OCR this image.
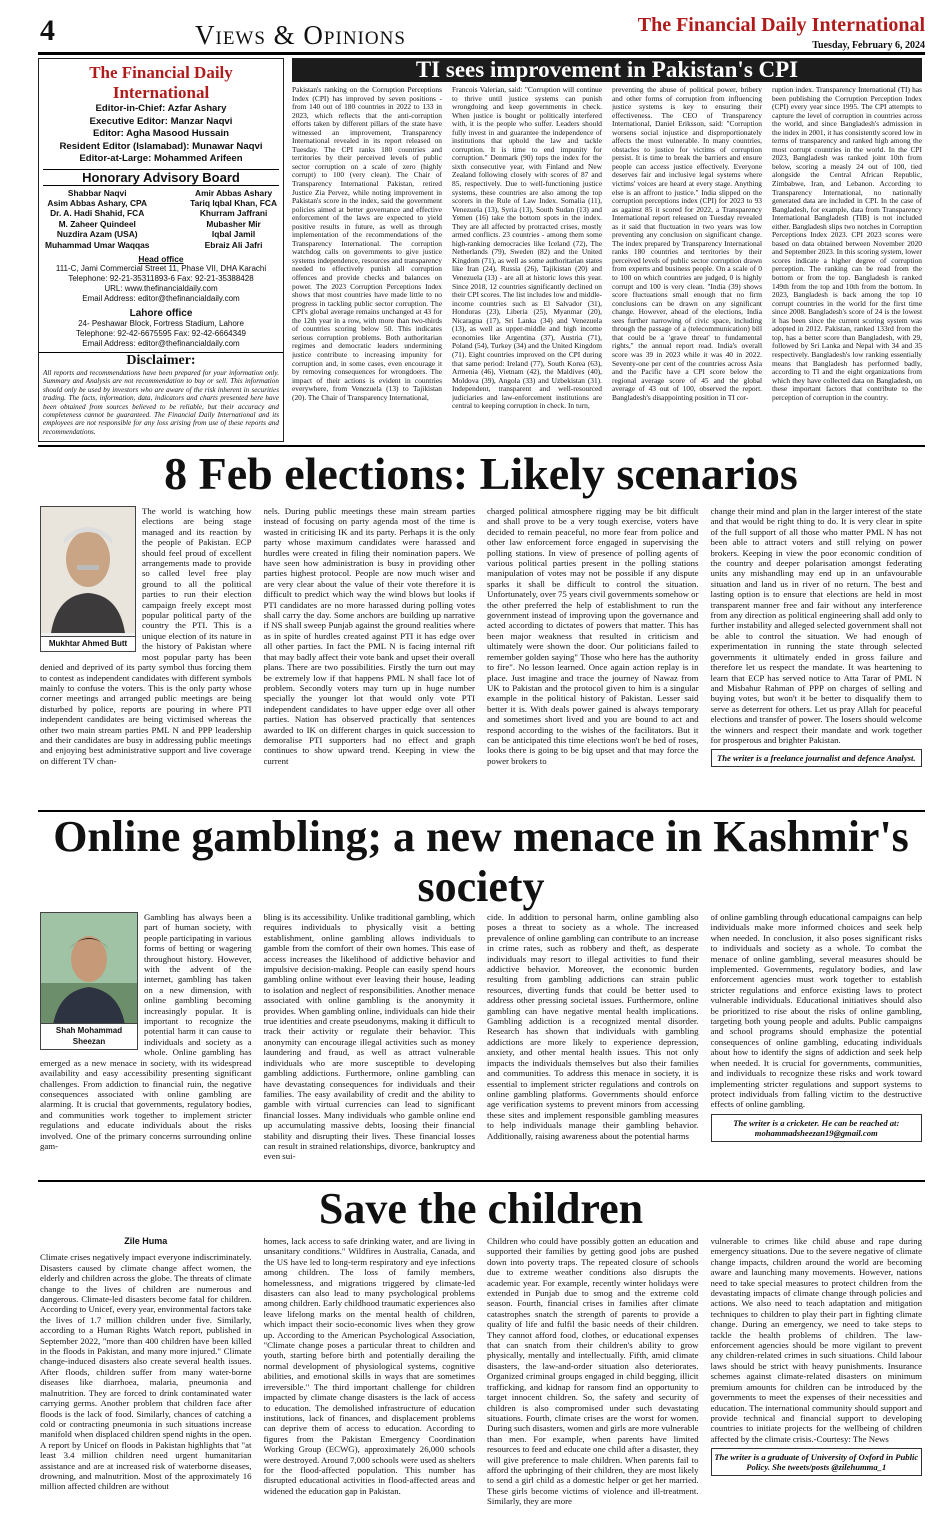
4	Views & Opinions	The Financial Daily International
Tuesday, February 6, 2024
The Financial Daily International
Editor-in-Chief: Azfar Ashary
Executive Editor: Manzar Naqvi
Editor: Agha Masood Hussain
Resident Editor (Islamabad): Munawar Naqvi
Editor-at-Large: Mohammed Arifeen
Honorary Advisory Board
Shabbar Naqvi
Asim Abbas Ashary, CPA
Dr. A. Hadi Shahid, FCA
M. Zaheer Quindeel
Nuzdira Azam (USA)
Muhammad Umar Waqqas
Amir Abbas Ashary
Tariq Iqbal Khan, FCA
Khurram Jaffrani
Mubasher Mir
Iqbal Jamil
Ebraiz Ali Jafri
Head office
111-C, Jami Commercial Street 11, Phase VII, DHA Karachi
Telephone: 92-21-35311893-6 Fax: 92-21-35388428
URL: www.thefinancialdaily.com
Email Address: editor@thefinancialdaily.com
Lahore office
24- Peshawar Block, Fortress Stadium, Lahore
Telephone: 92-42-6675595 Fax: 92-42-6664349
Email Address: editor@thefinancialdaily.com
Disclaimer:
All reports and recommendations have been prepared for your information only. Summary and Analysis are not recommendation to buy or sell. This information should only be used by investors who are aware of the risk inherent in securities trading. The facts, information, data, indicators and charts presented here have been obtained from sources believed to be reliable, but their accuracy and completeness cannot be guaranteed. The Financial Daily International and its employees are not responsible for any loss arising from use of these reports and recommendations.
TI sees improvement in Pakistan's CPI
Pakistan's ranking on the Corruption Perceptions Index (CPI) has improved by seven positions - from 140 out of 180 countries in 2022 to 133 in 2023, which reflects that the anti-corruption efforts taken by different pillars of the state have witnessed an improvement, Transparency International revealed in its report released on Tuesday. The CPI ranks 180 countries and territories by their perceived levels of public sector corruption on a scale of zero (highly corrupt) to 100 (very clean). The Chair of Transparency International Pakistan, retired Justice Zia Pervez, while noting improvement in Pakistan's score in the index, said the government policies aimed at better governance and effective enforcement of the laws are expected to yield positive results in future, as well as through implementation of the recommendations of the Transparency International. The corruption watchdog calls on governments to give justice systems independence, resources and transparency needed to effectively punish all corruption offences and provide checks and balances on power. The 2023 Corruption Perceptions Index shows that most countries have made little to no progress in tackling public sector corruption. The CPI's global average remains unchanged at 43 for the 12th year in a row, with more than two-thirds of countries scoring below 50. This indicates serious corruption problems. Both authoritarian regimes and democratic leaders undermining justice contribute to increasing impunity for corruption and, in some cases, even encourage it by removing consequences for wrongdoers. The impact of their actions is evident in countries everywhere, from Venezuela (13) to Tajikistan (20). The Chair of Transparency International,
Francois Valerian, said: "Corruption will continue to thrive until justice systems can punish wrongdoing and keep governments in check. When justice is bought or politically interfered with, it is the people who suffer. Leaders should fully invest in and guarantee the independence of institutions that uphold the law and tackle corruption. It is time to end impunity for corruption." Denmark (90) tops the index for the sixth consecutive year, with Finland and New Zealand following closely with scores of 87 and 85, respectively. Due to well-functioning justice systems, these countries are also among the top scorers in the Rule of Law Index. Somalia (11), Venezuela (13), Syria (13), South Sudan (13) and Yemen (16) take the bottom spots in the index. They are all affected by protracted crises, mostly armed conflicts. 23 countries - among them some high-ranking democracies like Iceland (72), The Netherlands (79), Sweden (82) and the United Kingdom (71), as well as some authoritarian states like Iran (24), Russia (26), Tajikistan (20) and Venezuela (13) - are all at historic lows this year. Since 2018, 12 countries significantly declined on their CPI scores. The list includes low and middle-income countries such as El Salvador (31), Honduras (23), Liberia (25), Myanmar (20), Nicaragua (17), Sri Lanka (34) and Venezuela (13), as well as upper-middle and high income economies like Argentina (37), Austria (71), Poland (54), Turkey (34) and the United Kingdom (71). Eight countries improved on the CPI during that same period: Ireland (77), South Korea (63), Armenia (46), Vietnam (42), the Maldives (40), Moldova (39), Angola (33) and Uzbekistan (31). Independent, transparent and well-resourced judiciaries and law-enforcement institutions are central to keeping corruption in check. In turn,
preventing the abuse of political power, bribery and other forms of corruption from influencing justice systems is key to ensuring their effectiveness. The CEO of Transparency International, Daniel Eriksson, said: "Corruption worsens social injustice and disproportionately affects the most vulnerable. In many countries, obstacles to justice for victims of corruption persist. It is time to break the barriers and ensure people can access justice effectively. Everyone deserves fair and inclusive legal systems where victims' voices are heard at every stage. Anything else is an affront to justice." India slipped on the corruption perceptions index (CPI) for 2023 to 93 as against 85 it scored for 2022, a Transparency International report released on Tuesday revealed as it said that fluctuation in two years was low preventing any conclusion on significant change. The index prepared by Transparency International ranks 180 countries and territories by their perceived levels of public sector corruption drawn from experts and business people. On a scale of 0 to 100 on which countries are judged, 0 is highly corrupt and 100 is very clean. "India (39) shows score fluctuations small enough that no firm conclusions can be drawn on any significant change. However, ahead of the elections, India sees further narrowing of civic space, including through the passage of a (telecommunication) bill that could be a 'grave threat' to fundamental rights," the annual report read. India's overall score was 39 in 2023 while it was 40 in 2022. Seventy-one per cent of the countries across Asia and the Pacific have a CPI score below the regional average score of 45 and the global average of 43 out of 100, observed the report. Bangladesh's disappointing position in TI cor-
ruption index. Transparency International (TI) has been publishing the Corruption Perception Index (CPI) every year since 1995. The CPI attempts to capture the level of corruption in countries across the world, and since Bangladesh's admission in the index in 2001, it has consistently scored low in terms of transparency and ranked high among the most corrupt countries in the world. In the CPI 2023, Bangladesh was ranked joint 10th from below, scoring a measly 24 out of 100, tied alongside the Central African Republic, Zimbabwe, Iran, and Lebanon. According to Transparency International, no nationally generated data are included in CPI. In the case of Bangladesh, for example, data from Transparency International Bangladesh (TIB) is not included either. Bangladesh slips two notches in Corruption Perceptions Index 2023. CPI 2023 scores were based on data obtained between November 2020 and September 2023. In this scoring system, lower scores indicate a higher degree of corruption perception. The ranking can be read from the bottom or from the top. Bangladesh is ranked 149th from the top and 10th from the bottom. In 2023, Bangladesh is back among the top 10 corrupt countries in the world for the first time since 2008. Bangladesh's score of 24 is the lowest it has been since the current scoring system was adopted in 2012. Pakistan, ranked 133rd from the top, has a better score than Bangladesh, with 29, followed by Sri Lanka and Nepal with 34 and 35 respectively. Bangladesh's low ranking essentially means that Bangladesh has performed badly, according to TI and the eight organizations from which they have collected data on Bangladesh, on these important factors that contribute to the perception of corruption in the country.
8 Feb elections: Likely scenarios
Mukhtar Ahmed Butt
The world is watching how elections are being stage managed and its reaction by the people of Pakistan. ECP should feel proud of excellent arrangements made to provide so called level free play ground to all the political parties to run their election campaign freely except most popular political party of the country the PTI. This is a unique election of its nature in the history of Pakistan where most popular party has been denied and deprived of its party symbol thus forcing them to contest as independent candidates with different symbols mainly to confuse the voters. This is the only party whose corner meetings and arranged public meetings are being disturbed by police, reports are pouring in where PTI independent candidates are being victimised whereas the other two main stream parties PML N and PPP leadership and their candidates are busy in addressing public meetings and enjoying best administrative support and live coverage on different TV chan-
nels. During public meetings these main stream parties instead of focusing on party agenda most of the time is wasted in criticising IK and its party. Perhaps it is the only party whose maximum candidates were harassed and hurdles were created in filing their nomination papers. We have seen how administration is busy in providing other parties highest protocol. People are now much wiser and are very clear about the value of their vote therefore it is difficult to predict which way the wind blows but looks if PTI candidates are no more harassed during polling votes shall carry the day. Some anchors are building up narrative if NS shall sweep Punjab against the ground realities where as in spite of hurdles created against PTI it has edge over all other parties. In fact the PML N is facing internal rift that may badly affect their vote bank and upset their overall plans. There are two possibilities. Firstly the turn out may be extremely low if that happens PML N shall face lot of problem. Secondly voters may turn up in huge number specially the younger lot that would only vote PTI independent candidates to have upper edge over all other parties. Nation has observed practically that sentences awarded to IK on different charges in quick succession to demoralise PTI supporters had no effect and graph continues to show upward trend. Keeping in view the current
charged political atmosphere rigging may be bit difficult and shall prove to be a very tough exercise, voters have decided to remain peaceful, no more fear from police and other law enforcement force engaged in supervising the polling stations. In view of presence of polling agents of various political parties present in the polling stations manipulation of votes may not be possible if any dispute sparks it shall be difficult to control the situation. Unfortunately, over 75 years civil governments somehow or the other preferred the help of establishment to run the government instead of improving upon the governance and acted according to dictates of powers that matter. This has been major weakness that resulted in criticism and ultimately were shown the door. Our politicians failed to remember golden saying" Those who here has the authority to fire". No lesson learned. Once again action replay is in place. Just imagine and trace the journey of Nawaz from UK to Pakistan and the protocol given to him is a singular example in the political history of Pakistan. Lesser said better it is. With deals power gained is always temporary and sometimes short lived and you are bound to act and respond according to the wishes of the facilitators. But it can be anticipated this time elections won't be bed of roses, looks there is going to be big upset and that may force the power brokers to
change their mind and plan in the larger interest of the state and that would be right thing to do. It is very clear in spite of the full support of all those who matter PML N has not been able to attract voters and still relying on power brokers. Keeping in view the poor economic condition of the country and deeper polarisation amongst federating units any mishandling may end up in an unfavourable situation and land us in river of no return. The best and lasting option is to ensure that elections are held in most transparent manner free and fair without any interference from any direction as political engineering shall add only to further instability and alleged selected government shall not be able to control the situation. We had enough of experimentation in running the state through selected governments it ultimately ended in gross failure and therefore let us respect the mandate. It was heartening to learn that ECP has served notice to Atta Tarar of PML N and Misbahur Rahman of PPP on charges of selling and buying votes, but won't it be better to disqualify them to serve as deterrent for others. Let us pray Allah for peaceful elections and transfer of power. The losers should welcome the winners and respect their mandate and work together for prosperous and brighter Pakistan.
The writer is a freelance journalist and defence Analyst.
Online gambling; a new menace in Kashmir's society
Shah Mohammad Sheezan
Gambling has always been a part of human society, with people participating in various forms of betting or wagering throughout history. However, with the advent of the internet, gambling has taken on a new dimension, with online gambling becoming increasingly popular. It is important to recognize the potential harm it can cause to individuals and society as a whole. Online gambling has emerged as a new menace in society, with its widespread availability and easy accessibility presenting significant challenges. From addiction to financial ruin, the negative consequences associated with online gambling are alarming. It is crucial that governments, regulatory bodies, and communities work together to implement stricter regulations and educate individuals about the risks involved. One of the primary concerns surrounding online gam-
bling is its accessibility. Unlike traditional gambling, which requires individuals to physically visit a betting establishment, online gambling allows individuals to gamble from the comfort of their own homes. This ease of access increases the likelihood of addictive behavior and impulsive decision-making. People can easily spend hours gambling online without ever leaving their house, leading to isolation and neglect of responsibilities. Another menace associated with online gambling is the anonymity it provides. When gambling online, individuals can hide their true identities and create pseudonyms, making it difficult to track their activity or regulate their behavior. This anonymity can encourage illegal activities such as money laundering and fraud, as well as attract vulnerable individuals who are more susceptible to developing gambling addictions. Furthermore, online gambling can have devastating consequences for individuals and their families. The easy availability of credit and the ability to gamble with virtual currencies can lead to significant financial losses. Many individuals who gamble online end up accumulating massive debts, loosing their financial stability and disrupting their lives. These financial losses can result in strained relationships, divorce, bankruptcy and even sui-
cide. In addition to personal harm, online gambling also poses a threat to society as a whole. The increased prevalence of online gambling can contribute to an increase in crime rates, such as robbery and theft, as desperate individuals may resort to illegal activities to fund their addictive behavior. Moreover, the economic burden resulting from gambling addictions can strain public resources, diverting funds that could be better used to address other pressing societal issues. Furthermore, online gambling can have negative mental health implications. Gambling addiction is a recognized mental disorder. Research has shown that individuals with gambling addictions are more likely to experience depression, anxiety, and other mental health issues. This not only impacts the individuals themselves but also their families and communities. To address this menace in society, it is essential to implement stricter regulations and controls on online gambling platforms. Governments should enforce age verification systems to prevent minors from accessing these sites and implement responsible gambling measures to help individuals manage their gambling behavior. Additionally, raising awareness about the potential harms
of online gambling through educational campaigns can help individuals make more informed choices and seek help when needed. In conclusion, it also poses significant risks to individuals and society as a whole. To combat the menace of online gambling, several measures should be implemented. Governments, regulatory bodies, and law enforcement agencies must work together to establish stricter regulations and enforce existing laws to protect vulnerable individuals. Educational initiatives should also be prioritized to rise about the risks of online gambling, targeting both young people and adults. Public campaigns and school programs should emphasize the potential consequences of online gambling, educating individuals about how to identify the signs of addiction and seek help when needed. It is crucial for governments, communities, and individuals to recognize these risks and work toward implementing stricter regulations and support systems to protect individuals from falling victim to the destructive effects of online gambling.
The writer is a cricketer. He can be reached at: mohammadsheezan19@gmail.com
Save the children
Zile Huma
Climate crises negatively impact everyone indiscriminately. Disasters caused by climate change affect women, the elderly and children across the globe. The threats of climate change to the lives of children are numerous and dangerous. Climate-led disasters become fatal for children. According to Unicef, every year, environmental factors take the lives of 1.7 million children under five. Similarly, according to a Human Rights Watch report, published in September 2022, "more than 400 children have been killed in the floods in Pakistan, and many more injured." Climate change-induced disasters also create several health issues. After floods, children suffer from many water-borne diseases like diarrhoea, malaria, pneumonia and malnutrition. They are forced to drink contaminated water carrying germs. Another problem that children face after floods is the lack of food. Similarly, chances of catching a cold or contracting pneumonia in such situations increase manifold when displaced children spend nights in the open. A report by Unicef on floods in Pakistan highlights that "at least 3.4 million children need urgent humanitarian assistance and are at increased risk of waterborne diseases, drowning, and malnutrition. Most of the approximately 16 million affected children are without
homes, lack access to safe drinking water, and are living in unsanitary conditions." Wildfires in Australia, Canada, and the US have led to long-term respiratory and eye infections among children. The loss of family members, homelessness, and migrations triggered by climate-led disasters can also lead to many psychological problems among children. Early childhood traumatic experiences also leave lifelong marks on the mental health of children, which impact their socio-economic lives when they grow up. According to the American Psychological Association, "Climate change poses a particular threat to children and youth, starting before birth and potentially derailing the normal development of physiological systems, cognitive abilities, and emotional skills in ways that are sometimes irreversible." The third important challenge for children impacted by climate change disasters is the lack of access to education. The demolished infrastructure of education institutions, lack of finances, and displacement problems can deprive them of access to education. According to figures from the Pakistan Emergency Coordination Working Group (ECWG), approximately 26,000 schools were destroyed. Around 7,000 schools were used as shelters for the flood-affected population. This number has disrupted educational activities in flood-affected areas and widened the education gap in Pakistan.
Children who could have possibly gotten an education and supported their families by getting good jobs are pushed down into poverty traps. The repeated closure of schools due to extreme weather conditions also disrupts the academic year. For example, recently winter holidays were extended in Punjab due to smog and the extreme cold season. Fourth, financial crises in families after climate catastrophes snatch the strength of parents to provide a quality of life and fulfil the basic needs of their children. They cannot afford food, clothes, or educational expenses that can snatch from their children's ability to grow physically, mentally and intellectually. Fifth, amid climate disasters, the law-and-order situation also deteriorates. Organized criminal groups engaged in child begging, illicit trafficking, and kidnap for ransom find an opportunity to target innocent children. So, the safety and security of children is also compromised under such devastating situations. Fourth, climate crises are the worst for women. During such disasters, women and girls are more vulnerable than men. For example, when parents have limited resources to feed and educate one child after a disaster, they will give preference to male children. When parents fail to afford the upbringing of their children, they are most likely to send a girl child as a domestic helper or get her married. These girls become victims of violence and ill-treatment. Similarly, they are more
vulnerable to crimes like child abuse and rape during emergency situations. Due to the severe negative of climate change impacts, children around the world are becoming aware and launching many movements. However, nations need to take special measures to protect children from the devastating impacts of climate change through policies and actions. We also need to teach adaptation and mitigation techniques to children to play their part in fighting climate change. During an emergency, we need to take steps to tackle the health problems of children. The law-enforcement agencies should be more vigilant to prevent any children-related crimes in such situations. Child labour laws should be strict with heavy punishments. Insurance schemes against climate-related disasters on minimum premium amounts for children can be introduced by the governments to meet the expenses of their necessities and education. The international community should support and provide technical and financial support to developing countries to initiate projects for the wellbeing of children affected by the climate crisis.-Courtesy: The News
The writer is a graduate of University of Oxford in Public Policy. She tweets/posts @zilehumma_1
